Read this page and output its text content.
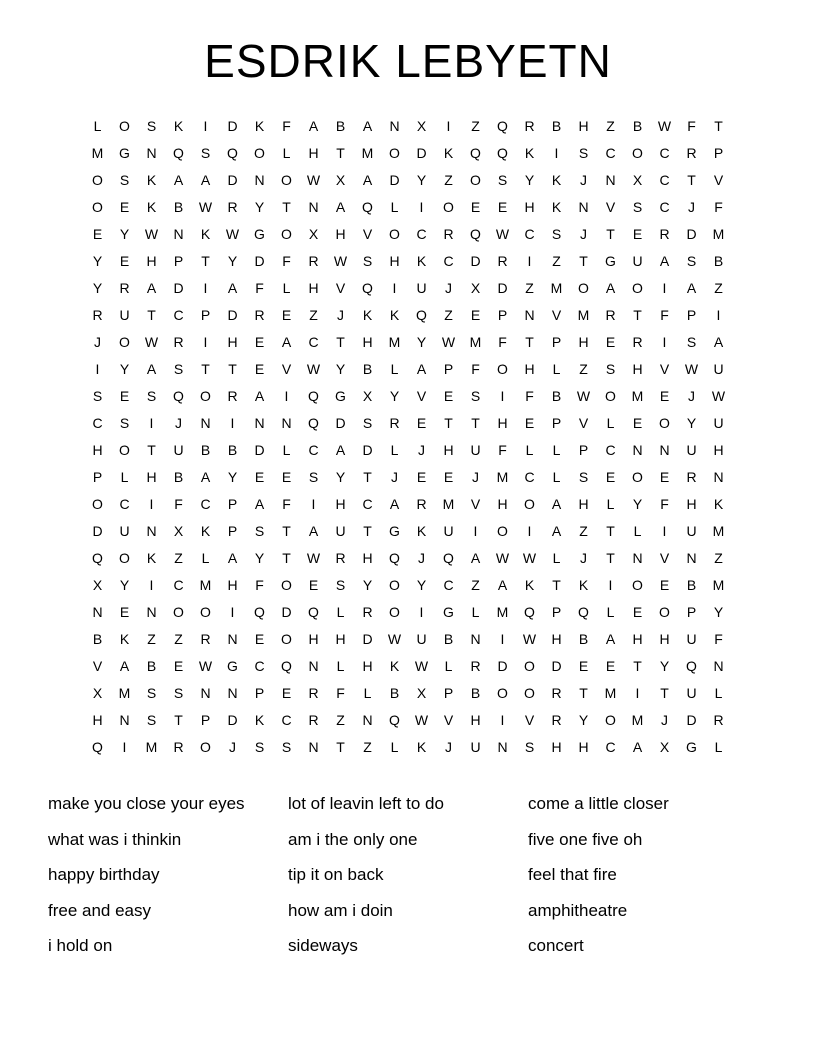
ESDRIK LEBYETN
L	O	S	K	I	D	K	F	A	B	A	N	X	I	Z	Q	R	B	H	Z	B	W	F	T
M	G	N	Q	S	Q	O	L	H	T	M	O	D	K	Q	Q	K	I	S	C	O	C	R	P
O	S	K	A	A	D	N	O	W	X	A	D	Y	Z	O	S	Y	K	J	N	X	C	T	V
O	E	K	B	W	R	Y	T	N	A	Q	L	I	O	E	E	H	K	N	V	S	C	J	F
E	Y	W	N	K	W	G	O	X	H	V	O	C	R	Q	W	C	S	J	T	E	R	D	M
Y	E	H	P	T	Y	D	F	R	W	S	H	K	C	D	R	I	Z	T	G	U	A	S	B
Y	R	A	D	I	A	F	L	H	V	Q	I	U	J	X	D	Z	M	O	A	O	I	A	Z
R	U	T	C	P	D	R	E	Z	J	K	K	Q	Z	E	P	N	V	M	R	T	F	P	I
J	O	W	R	I	H	E	A	C	T	H	M	Y	W	M	F	T	P	H	E	R	I	S	A
I	Y	A	S	T	T	E	V	W	Y	B	L	A	P	F	O	H	L	Z	S	H	V	W	U
S	E	S	Q	O	R	A	I	Q	G	X	Y	V	E	S	I	F	B	W	O	M	E	J	W
C	S	I	J	N	I	N	N	Q	D	S	R	E	T	T	H	E	P	V	L	E	O	Y	U
H	O	T	U	B	B	D	L	C	A	D	L	J	H	U	F	L	L	P	C	N	N	U	H
P	L	H	B	A	Y	E	E	S	Y	T	J	E	E	J	M	C	L	S	E	O	E	R	N
O	C	I	F	C	P	A	F	I	H	C	A	R	M	V	H	O	A	H	L	Y	F	H	K
D	U	N	X	K	P	S	T	A	U	T	G	K	U	I	O	I	A	Z	T	L	I	U	M
Q	O	K	Z	L	A	Y	T	W	R	H	Q	J	Q	A	W W	L	J	T	N	V	N	Z
X	Y	I	C	M	H	F	O	E	S	Y	O	Y	C	Z	A	K	T	K	I	O	E	B	M
N	E	N	O	O	I	Q	D	Q	L	R	O	I	G	L	M	Q	P	Q	L	E	O	P	Y
B	K	Z	Z	R	N	E	O	H	H	D	W	U	B	N	I	W	H	B	A	H	H	U	F
V	A	B	E	W	G	C	Q	N	L	H	K	W	L	R	D	O	D	E	E	T	Y	Q	N
X	M	S	S	N	N	P	E	R	F	L	B	X	P	B	O	O	R	T	M	I	T	U	L
H	N	S	T	P	D	K	C	R	Z	N	Q	W	V	H	I	V	R	Y	O	M	J	D	R
Q	I	M	R	O	J	S	S	N	T	Z	L	K	J	U	N	S	H	H	C	A	X	G	L
make you close your eyes
what was i thinkin
happy birthday
free and easy
i hold on
lot of leavin left to do
am i the only one
tip it on back
how am i doin
sideways
come a little closer
five one five oh
feel that fire
amphitheatre
concert
